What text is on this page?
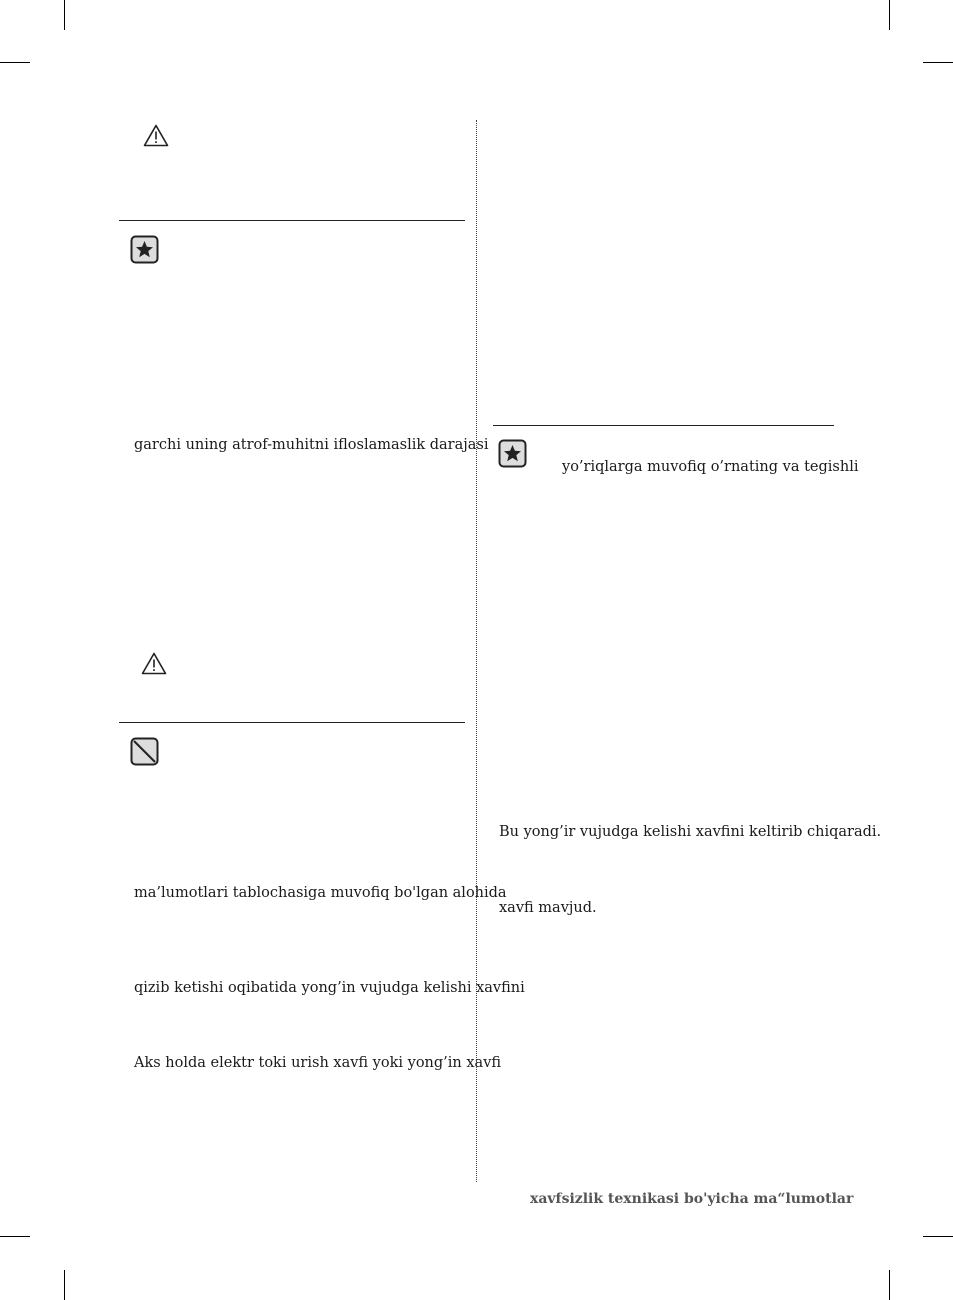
garchi uning atrof-muhitni ifloslamaslik darajasi
ma’lumotlari tablochasiga muvofiq bo'lgan alohida
qizib ketishi oqibatida yong’in vujudga kelishi xavfini
Aks holda elektr toki urish xavfi yoki yong’in xavfi
yo’riqlarga muvofiq o’rnating va tegishli
Bu yong’ir vujudga kelishi xavfini keltirib chiqaradi.
xavfi mavjud.
xavfsizlik texnikasi bo'yicha ma“lumotlar
